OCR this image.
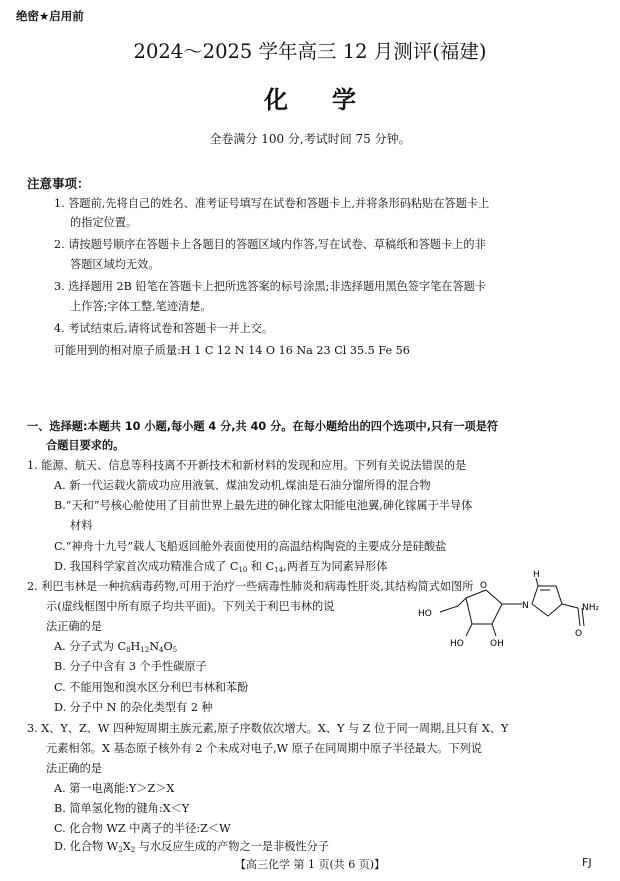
绝密★启用前
2024～2025 学年高三 12 月测评(福建)
化学
全卷满分 100 分,考试时间 75 分钟。
注意事项：
1. 答题前,先将自己的姓名、准考证号填写在试卷和答题卡上,并将条形码粘贴在答题卡上
的指定位置。
2. 请按题号顺序在答题卡上各题目的答题区域内作答,写在试卷、草稿纸和答题卡上的非
答题区域均无效。
3. 选择题用 2B 铅笔在答题卡上把所选答案的标号涂黑;非选择题用黑色签字笔在答题卡
上作答;字体工整,笔迹清楚。
4. 考试结束后,请将试卷和答题卡一并上交。
可能用到的相对原子质量:H 1 C 12 N 14 O 16 Na 23 Cl 35.5 Fe 56
一、选择题:本题共 10 小题,每小题 4 分,共 40 分。在每小题给出的四个选项中,只有一项是符
合题目要求的。
1. 能源、航天、信息等科技离不开新技术和新材料的发现和应用。下列有关说法错误的是
A. 新一代运载火箭成功应用液氧、煤油发动机,煤油是石油分馏所得的混合物
B.“天和”号核心舱使用了目前世界上最先进的砷化镓太阳能电池翼,砷化镓属于半导体
材料
C.“神舟十九号”载人飞船返回舱外表面使用的高温结构陶瓷的主要成分是硅酸盐
D. 我国科学家首次成功精准合成了 $C_{10}$ 和 $C_{14}$,两者互为同素异形体
2. 利巴韦林是一种抗病毒药物,可用于治疗一些病毒性肺炎和病毒性肝炎,其结构简式如图所
示(虚线框图中所有原子均共平面)。下列关于利巴韦林的说
法正确的是
A. 分子式为 $C_8H_{12}N_4O_5$
B. 分子中含有 3 个手性碳原子
C. 不能用饱和溴水区分利巴韦林和苯酚
D. 分子中 N 的杂化类型有 2 种
H
HO
O
N
HO	OH
O
NH₂
3. X、Y、Z、W 四种短周期主族元素,原子序数依次增大。X、Y 与 Z 位于同一周期,且只有 X、Y
元素相邻。X 基态原子核外有 2 个未成对电子,W 原子在同周期中原子半径最大。下列说
法正确的是
A. 第一电离能:Y＞Z＞X
B. 简单氢化物的键角:X＜Y
C. 化合物 WZ 中离子的半径:Z＜W
D. 化合物 $W_2X_2$ 与水反应生成的产物之一是非极性分子
【高三化学 第 1 页(共 6 页)】	FJ
